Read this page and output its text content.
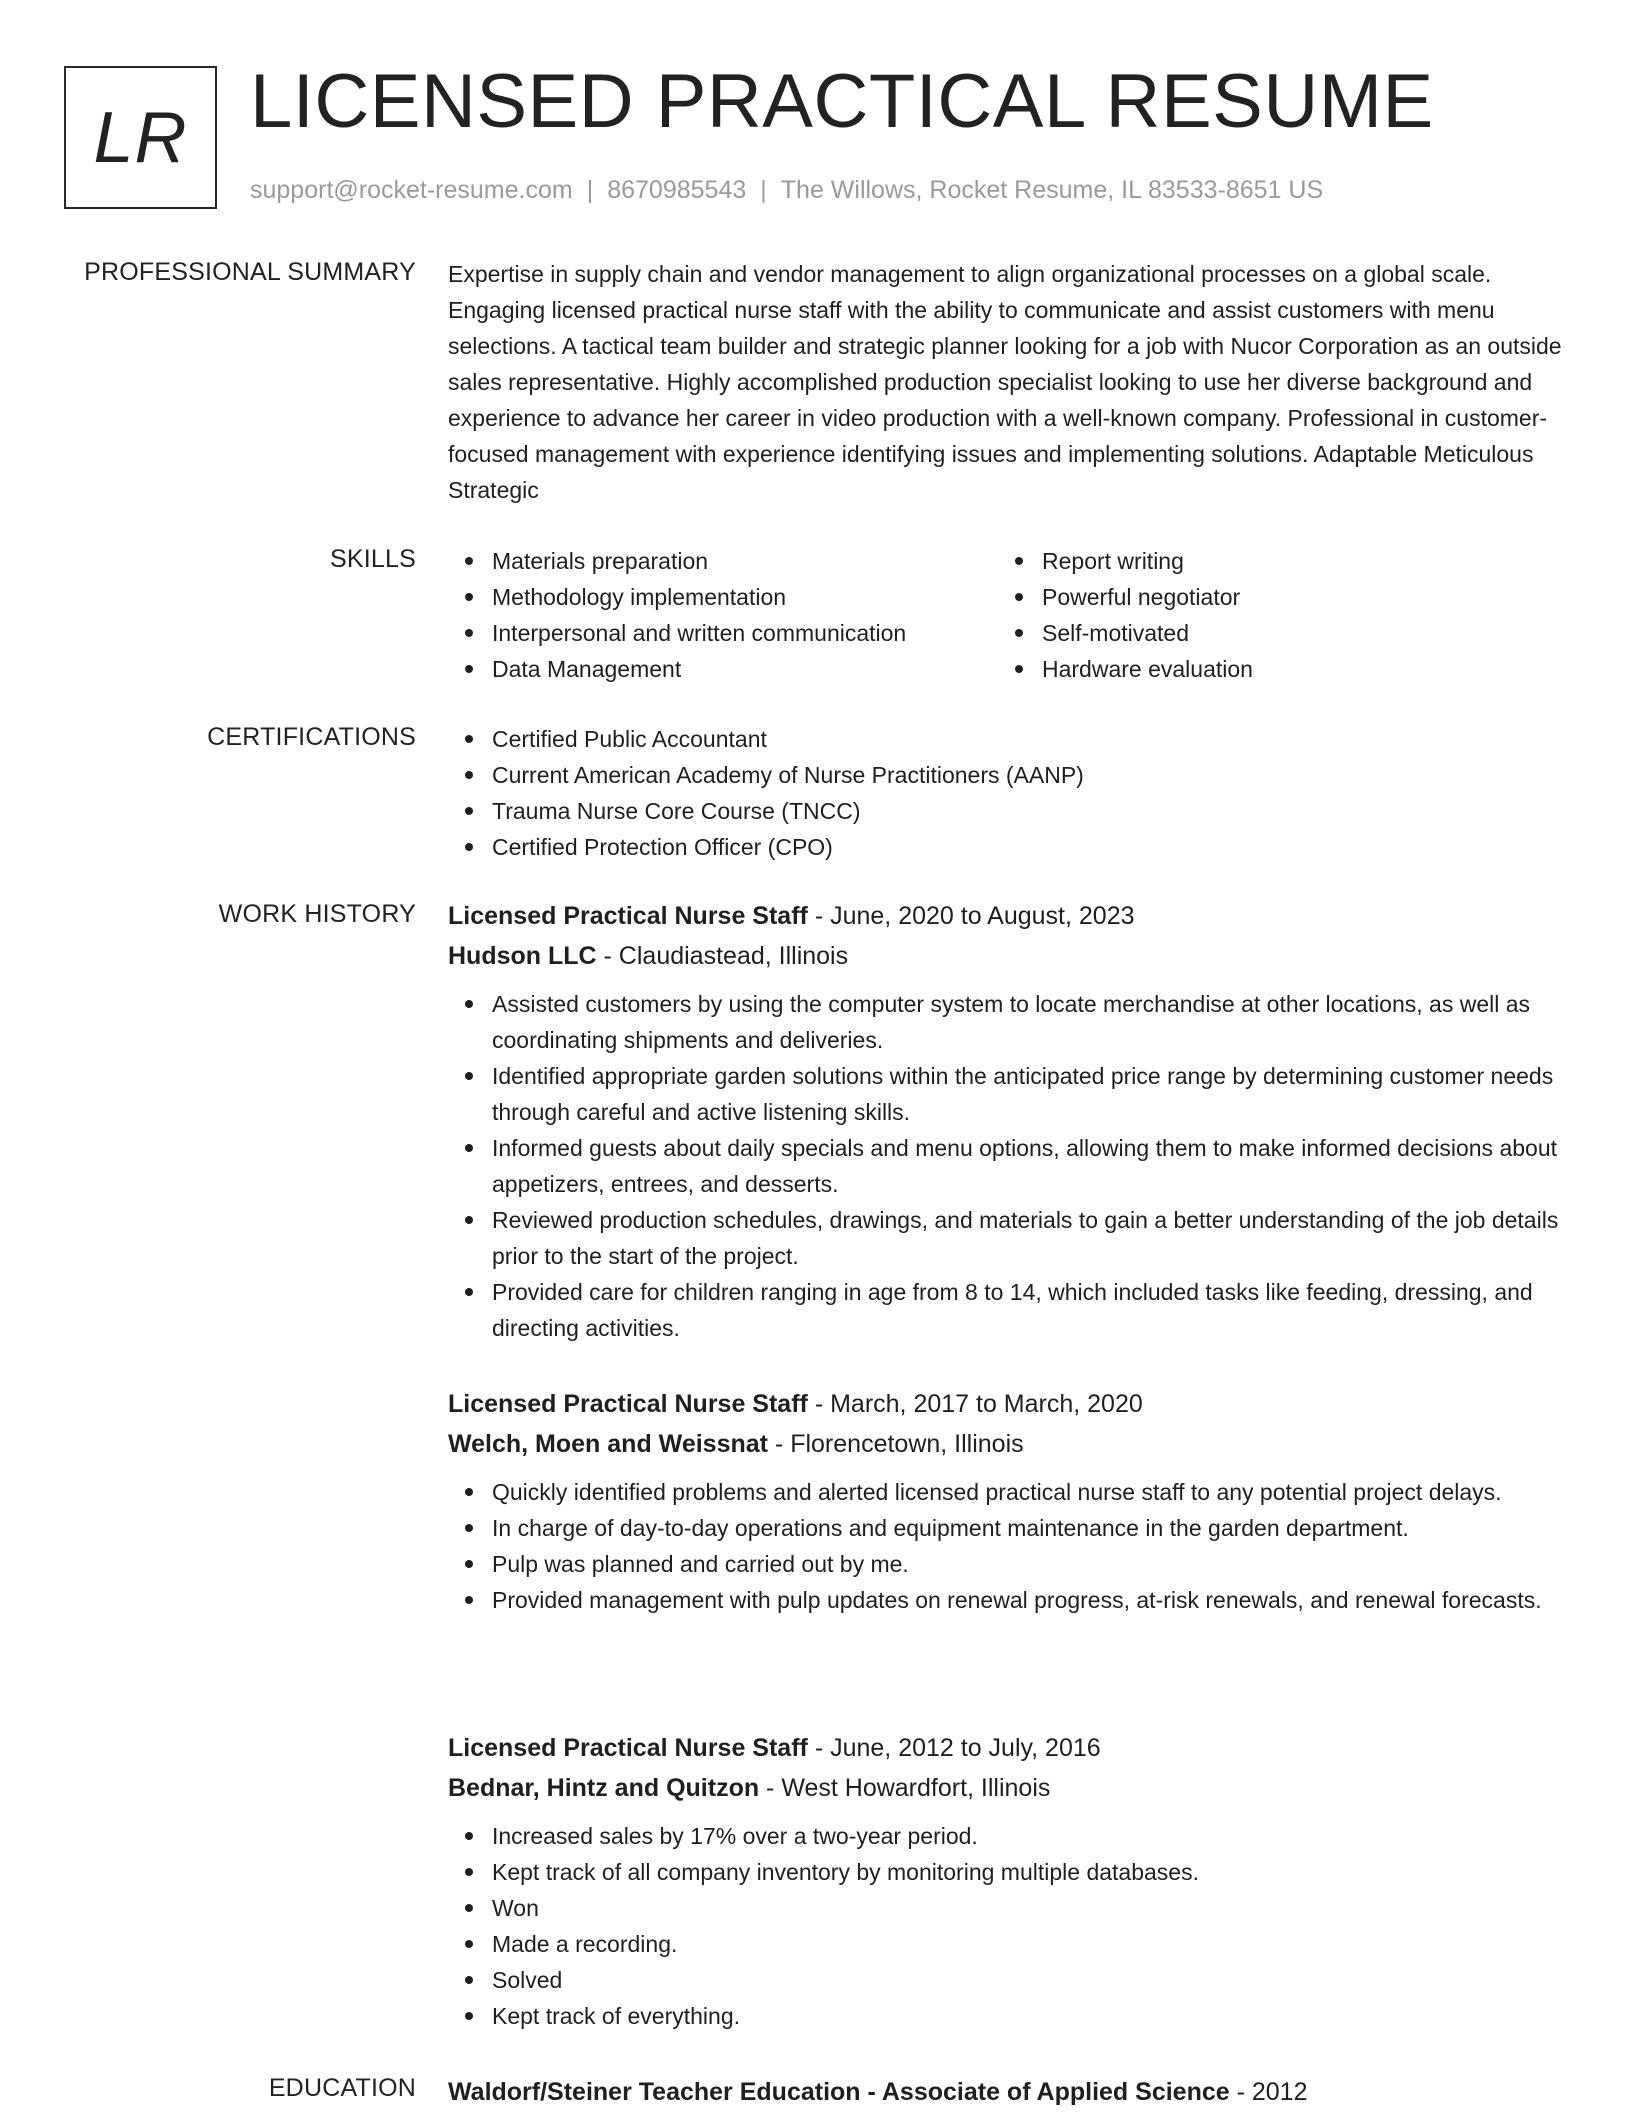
LR LICENSED PRACTICAL RESUME
support@rocket-resume.com | 8670985543 | The Willows, Rocket Resume, IL 83533-8651 US
PROFESSIONAL SUMMARY Expertise in supply chain and vendor management to align organizational processes on a global scale. Engaging licensed practical nurse staff with the ability to communicate and assist customers with menu selections. A tactical team builder and strategic planner looking for a job with Nucor Corporation as an outside sales representative. Highly accomplished production specialist looking to use her diverse background and experience to advance her career in video production with a well-known company. Professional in customer-focused management with experience identifying issues and implementing solutions. Adaptable Meticulous Strategic
SKILLS	Materials preparation
Methodology implementation
Interpersonal and written communication
Data Management
Report writing
Powerful negotiator
Self-motivated
Hardware evaluation
CERTIFICATIONS	Certified Public Accountant
Current American Academy of Nurse Practitioners (AANP)
Trauma Nurse Core Course (TNCC)
Certified Protection Officer (CPO)
WORK HISTORY Licensed Practical Nurse Staff - June, 2020 to August, 2023
Hudson LLC - Claudiastead, Illinois
Assisted customers by using the computer system to locate merchandise at other locations, as well as coordinating shipments and deliveries.
Identified appropriate garden solutions within the anticipated price range by determining customer needs through careful and active listening skills.
Informed guests about daily specials and menu options, allowing them to make informed decisions about appetizers, entrees, and desserts.
Reviewed production schedules, drawings, and materials to gain a better understanding of the job details prior to the start of the project.
Provided care for children ranging in age from 8 to 14, which included tasks like feeding, dressing, and directing activities.
Licensed Practical Nurse Staff - March, 2017 to March, 2020
Welch, Moen and Weissnat - Florencetown, Illinois
Quickly identified problems and alerted licensed practical nurse staff to any potential project delays.
In charge of day-to-day operations and equipment maintenance in the garden department.
Pulp was planned and carried out by me.
Provided management with pulp updates on renewal progress, at-risk renewals, and renewal forecasts.
Licensed Practical Nurse Staff - June, 2012 to July, 2016
Bednar, Hintz and Quitzon - West Howardfort, Illinois
Increased sales by 17% over a two-year period.
Kept track of all company inventory by monitoring multiple databases.
Won
Made a recording.
Solved
Kept track of everything.
EDUCATION Waldorf/Steiner Teacher Education - Associate of Applied Science - 2012
